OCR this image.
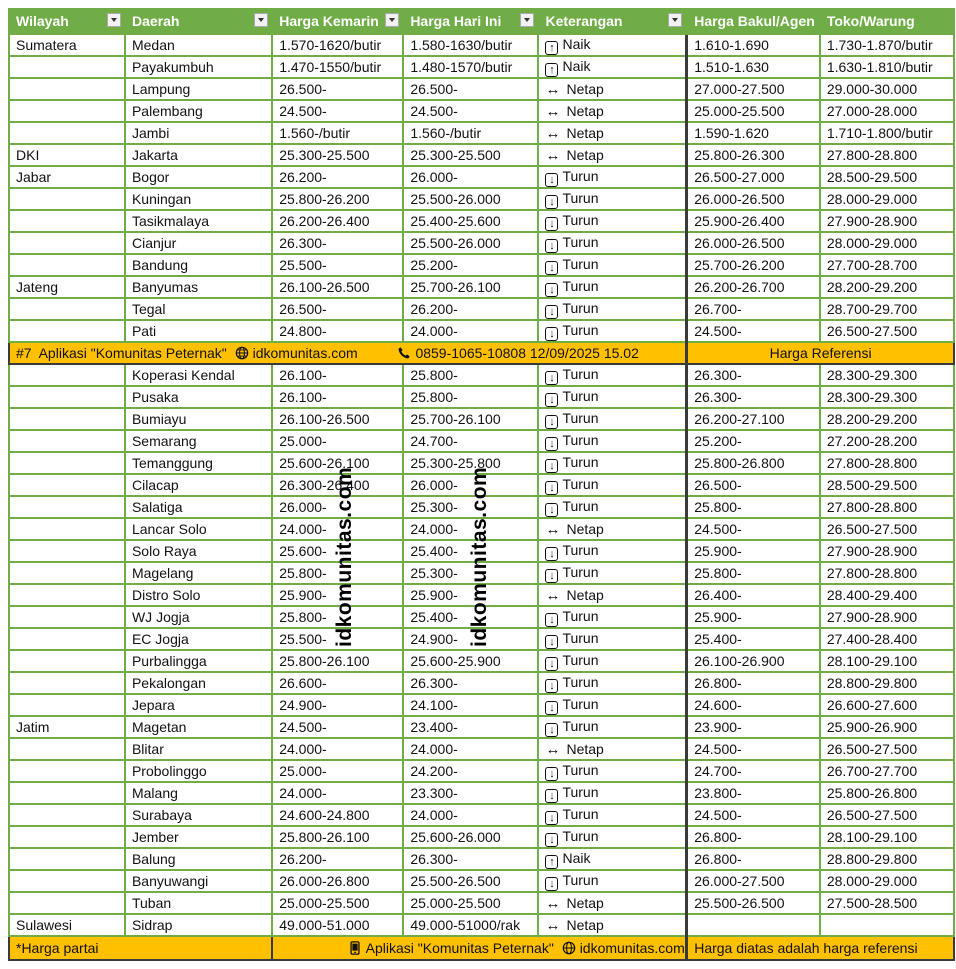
Wilayah	Daerah	Harga Kemarin	Harga Hari Ini	Keterangan	Harga Bakul/Agen	Toko/Warung
Sumatera	Medan	1.570-1620/butir	1.580-1630/butir	↑ Naik	1.610-1.690	1.730-1.870/butir
	Payakumbuh	1.470-1550/butir	1.480-1570/butir	↑ Naik	1.510-1.630	1.630-1.810/butir
	Lampung	26.500-	26.500-	↔ Netap	27.000-27.500	29.000-30.000
	Palembang	24.500-	24.500-	↔ Netap	25.000-25.500	27.000-28.000
	Jambi	1.560-/butir	1.560-/butir	↔ Netap	1.590-1.620	1.710-1.800/butir
DKI	Jakarta	25.300-25.500	25.300-25.500	↔ Netap	25.800-26.300	27.800-28.800
Jabar	Bogor	26.200-	26.000-	↓ Turun	26.500-27.000	28.500-29.500
	Kuningan	25.800-26.200	25.500-26.000	↓ Turun	26.000-26.500	28.000-29.000
	Tasikmalaya	26.200-26.400	25.400-25.600	↓ Turun	25.900-26.400	27.900-28.900
	Cianjur	26.300-	25.500-26.000	↓ Turun	26.000-26.500	28.000-29.000
	Bandung	25.500-	25.200-	↓ Turun	25.700-26.200	27.700-28.700
Jateng	Banyumas	26.100-26.500	25.700-26.100	↓ Turun	26.200-26.700	28.200-29.200
	Tegal	26.500-	26.200-	↓ Turun	26.700-	28.700-29.700
	Pati	24.800-	24.000-	↓ Turun	24.500-	26.500-27.500
#7 Aplikasi "Komunitas Peternak" idkomunitas.com 0859-1065-10808 12/09/2025 15.02					Harga Referensi	
	Koperasi Kendal	26.100-	25.800-	↓ Turun	26.300-	28.300-29.300
	Pusaka	26.100-	25.800-	↓ Turun	26.300-	28.300-29.300
	Bumiayu	26.100-26.500	25.700-26.100	↓ Turun	26.200-27.100	28.200-29.200
	Semarang	25.000-	24.700-	↓ Turun	25.200-	27.200-28.200
	Temanggung	25.600-26.100	25.300-25.800	↓ Turun	25.800-26.800	27.800-28.800
	Cilacap	26.300-26.400	26.000-	↓ Turun	26.500-	28.500-29.500
	Salatiga	26.000-	25.300-	↓ Turun	25.800-	27.800-28.800
	Lancar Solo	24.000-	24.000-	↔ Netap	24.500-	26.500-27.500
	Solo Raya	25.600-	25.400-	↓ Turun	25.900-	27.900-28.900
	Magelang	25.800-	25.300-	↓ Turun	25.800-	27.800-28.800
	Distro Solo	25.900-	25.900-	↔ Netap	26.400-	28.400-29.400
	WJ Jogja	25.800-	25.400-	↓ Turun	25.900-	27.900-28.900
	EC Jogja	25.500-	24.900-	↓ Turun	25.400-	27.400-28.400
	Purbalingga	25.800-26.100	25.600-25.900	↓ Turun	26.100-26.900	28.100-29.100
	Pekalongan	26.600-	26.300-	↓ Turun	26.800-	28.800-29.800
	Jepara	24.900-	24.100-	↓ Turun	24.600-	26.600-27.600
Jatim	Magetan	24.500-	23.400-	↓ Turun	23.900-	25.900-26.900
	Blitar	24.000-	24.000-	↔ Netap	24.500-	26.500-27.500
	Probolinggo	25.000-	24.200-	↓ Turun	24.700-	26.700-27.700
	Malang	24.000-	23.300-	↓ Turun	23.800-	25.800-26.800
	Surabaya	24.600-24.800	24.000-	↓ Turun	24.500-	26.500-27.500
	Jember	25.800-26.100	25.600-26.000	↓ Turun	26.800-	28.100-29.100
	Balung	26.200-	26.300-	↑ Naik	26.800-	28.800-29.800
	Banyuwangi	26.000-26.800	25.500-26.500	↓ Turun	26.000-27.500	28.000-29.000
	Tuban	25.000-25.500	25.000-25.500	↔ Netap	25.500-26.500	27.500-28.500
Sulawesi	Sidrap	49.000-51.000	49.000-51000/rak	↔ Netap		
*Harga partai		Aplikasi "Komunitas Peternak" idkomunitas.com			Harga diatas adalah harga referensi	
idkomunitas.com	idkomunitas.com
